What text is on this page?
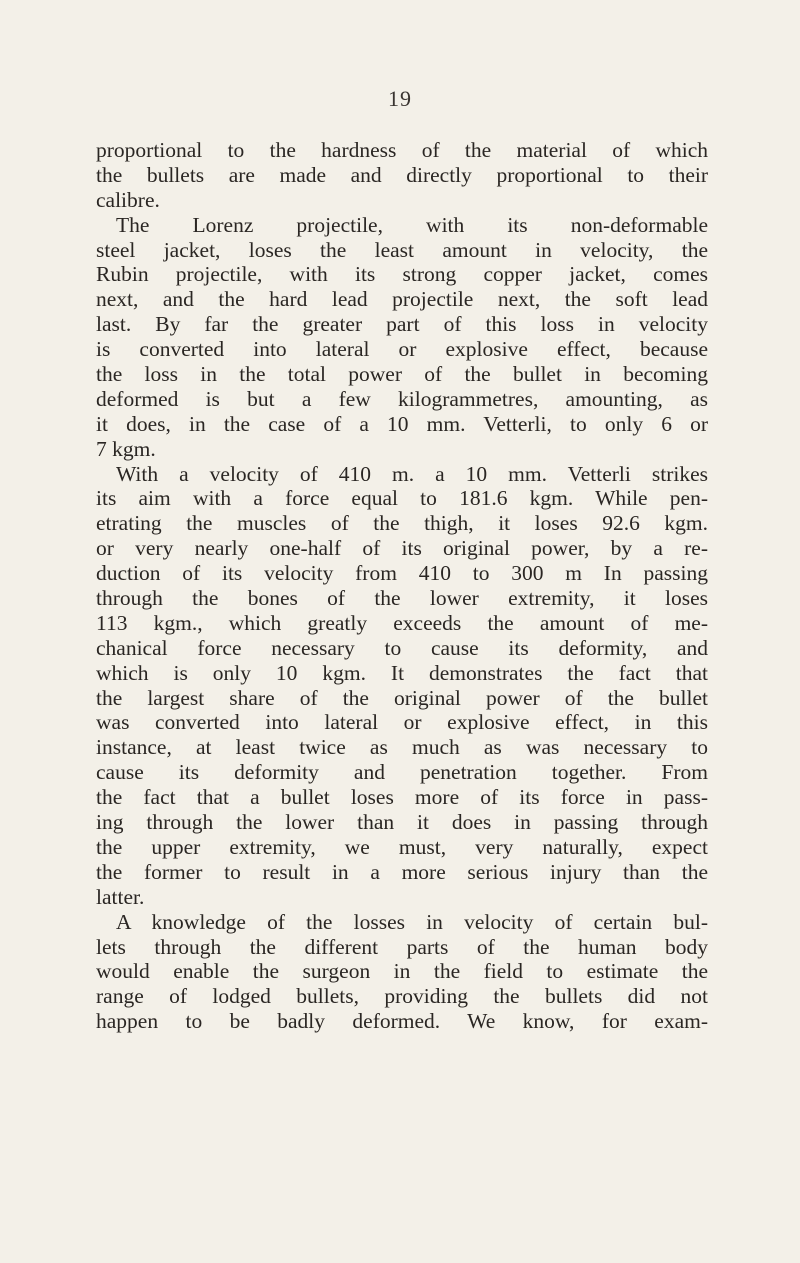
19
proportional to the hardness of the material of which
the bullets are made and directly proportional to their
calibre.
The Lorenz projectile, with its non-deformable
steel jacket, loses the least amount in velocity, the
Rubin projectile, with its strong copper jacket, comes
next, and the hard lead projectile next, the soft lead
last. By far the greater part of this loss in velocity
is converted into lateral or explosive effect, because
the loss in the total power of the bullet in becoming
deformed is but a few kilogrammetres, amounting, as
it does, in the case of a 10 mm. Vetterli, to only 6 or
7 kgm.
With a velocity of 410 m. a 10 mm. Vetterli strikes
its aim with a force equal to 181.6 kgm. While pen-
etrating the muscles of the thigh, it loses 92.6 kgm.
or very nearly one-half of its original power, by a re-
duction of its velocity from 410 to 300 m In passing
through the bones of the lower extremity, it loses
113 kgm., which greatly exceeds the amount of me-
chanical force necessary to cause its deformity, and
which is only 10 kgm. It demonstrates the fact that
the largest share of the original power of the bullet
was converted into lateral or explosive effect, in this
instance, at least twice as much as was necessary to
cause its deformity and penetration together. From
the fact that a bullet loses more of its force in pass-
ing through the lower than it does in passing through
the upper extremity, we must, very naturally, expect
the former to result in a more serious injury than the
latter.
A knowledge of the losses in velocity of certain bul-
lets through the different parts of the human body
would enable the surgeon in the field to estimate the
range of lodged bullets, providing the bullets did not
happen to be badly deformed. We know, for exam-
